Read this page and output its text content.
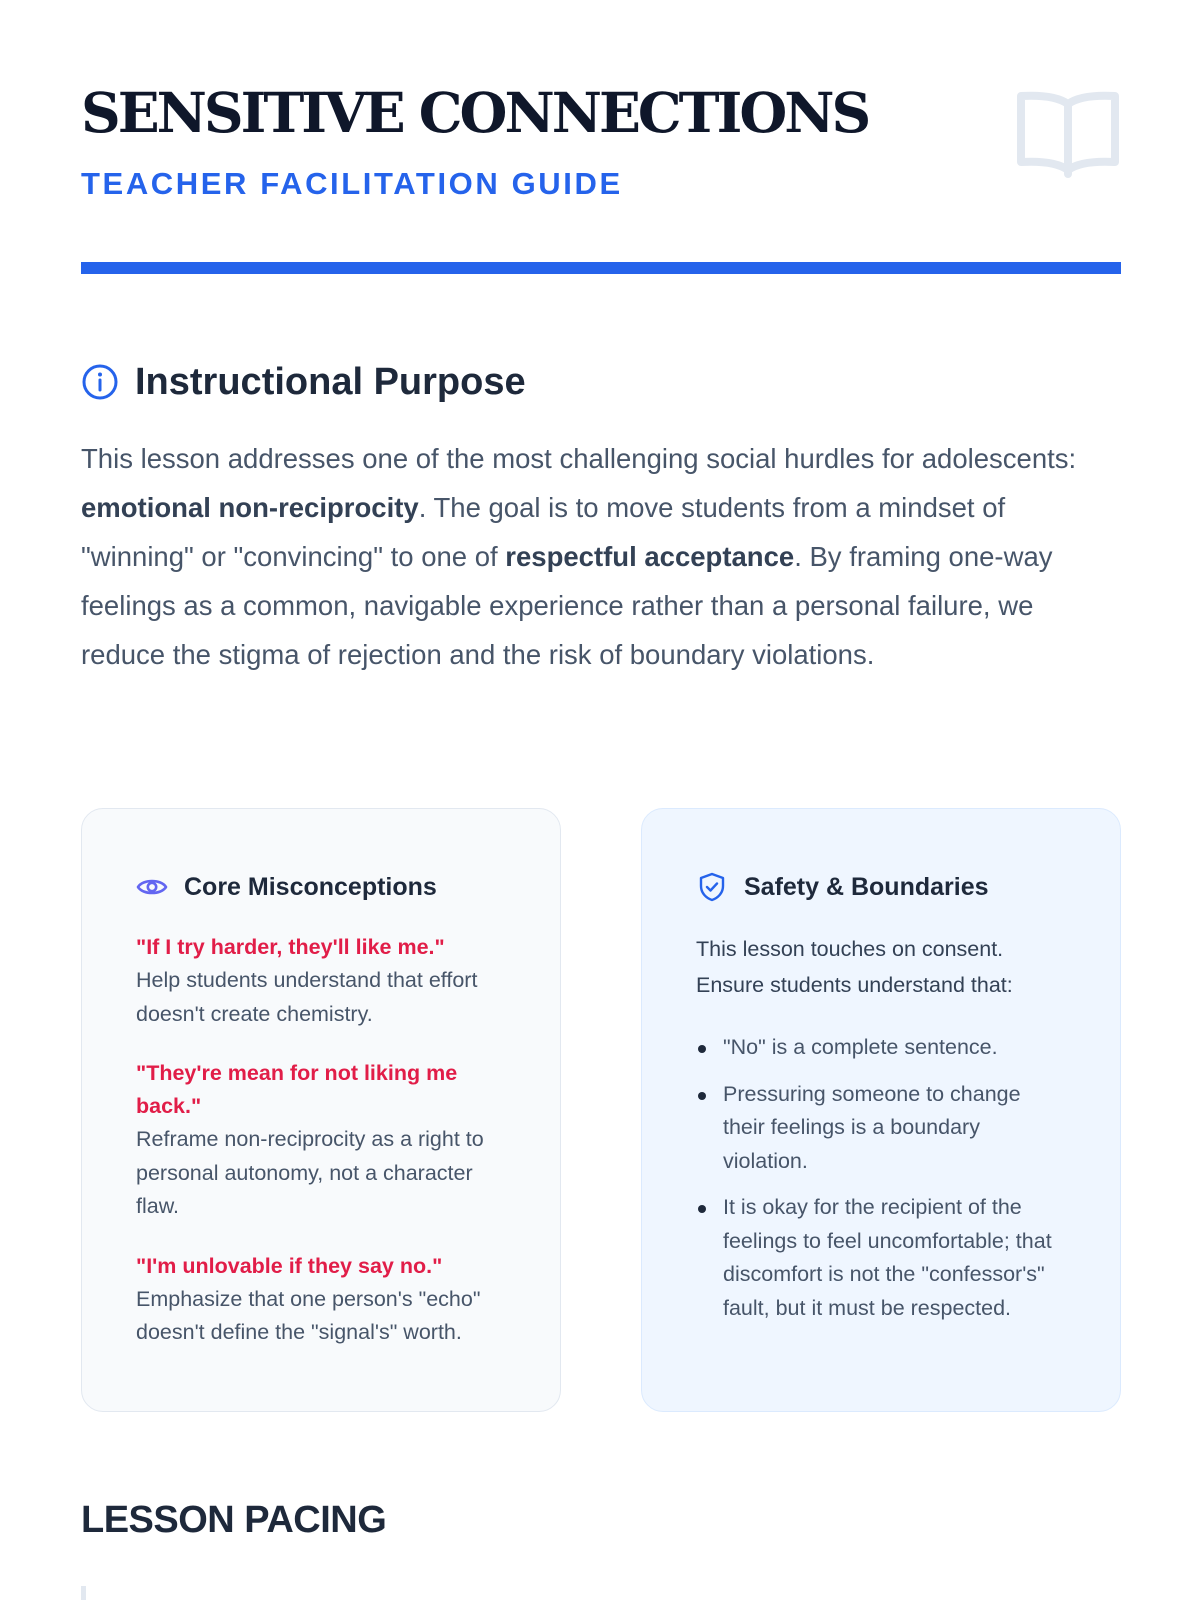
SENSITIVE CONNECTIONS
TEACHER FACILITATION GUIDE
Instructional Purpose

This lesson addresses one of the most challenging social hurdles for adolescents: emotional non-reciprocity. The goal is to move students from a mindset of "winning" or "convincing" to one of respectful acceptance. By framing one-way feelings as a common, navigable experience rather than a personal failure, we reduce the stigma of rejection and the risk of boundary violations.

Core Misconceptions
"If I try harder, they'll like me."
Help students understand that effort doesn't create chemistry.
"They're mean for not liking me back."
Reframe non-reciprocity as a right to personal autonomy, not a character flaw.
"I'm unlovable if they say no."
Emphasize that one person's "echo" doesn't define the "signal's" worth.
Safety & Boundaries

This lesson touches on consent. Ensure students understand that:

"No" is a complete sentence.
Pressuring someone to change their feelings is a boundary violation.
It is okay for the recipient of the feelings to feel uncomfortable; that discomfort is not the "confessor's" fault, but it must be respected.
LESSON PACING
